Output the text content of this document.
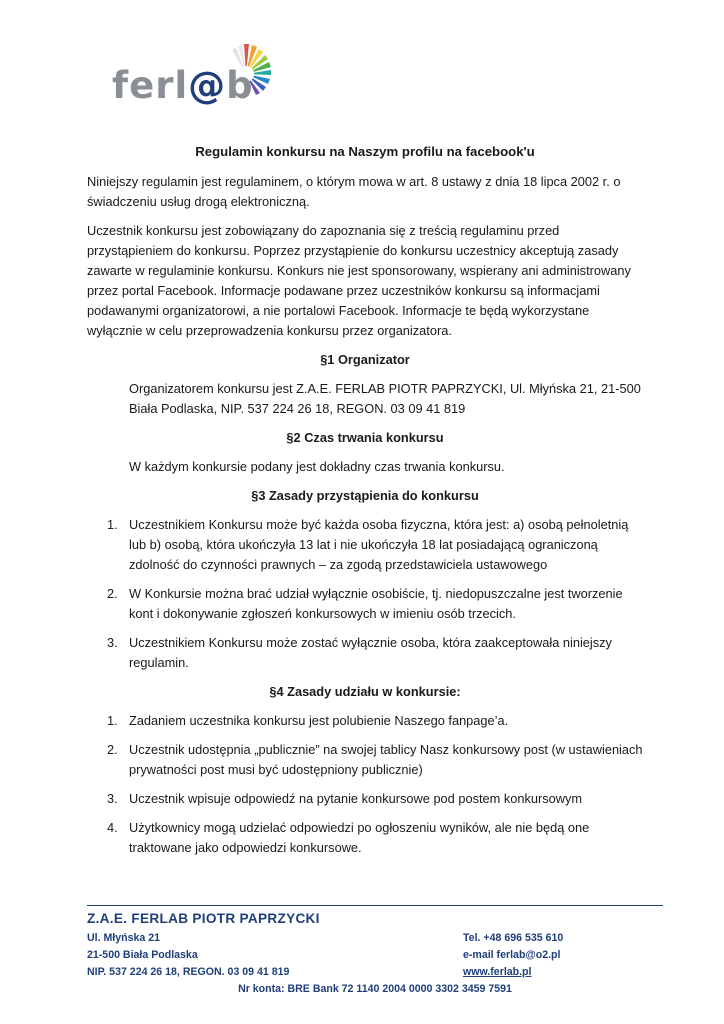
ferl@b
Regulamin konkursu na Naszym profilu na facebook'u

Niniejszy regulamin jest regulaminem, o którym mowa w art. 8 ustawy z dnia 18 lipca 2002 r. o świadczeniu usług drogą elektroniczną.

Uczestnik konkursu jest zobowiązany do zapoznania się z treścią regulaminu przed przystąpieniem do konkursu. Poprzez przystąpienie do konkursu uczestnicy akceptują zasady zawarte w regulaminie konkursu. Konkurs nie jest sponsorowany, wspierany ani administrowany przez portal Facebook. Informacje podawane przez uczestników konkursu są informacjami podawanymi organizatorowi, a nie portalowi Facebook. Informacje te będą wykorzystane wyłącznie w celu przeprowadzenia konkursu przez organizatora.

§1 Organizator

Organizatorem konkursu jest Z.A.E. FERLAB PIOTR PAPRZYCKI, Ul. Młyńska 21, 21-500 Biała Podlaska, NIP. 537 224 26 18, REGON. 03 09 41 819

§2 Czas trwania konkursu

W każdym konkursie podany jest dokładny czas trwania konkursu.

§3 Zasady przystąpienia do konkursu
1. Uczestnikiem Konkursu może być każda osoba fizyczna, która jest: a) osobą pełnoletnią lub b) osobą, która ukończyła 13 lat i nie ukończyła 18 lat posiadającą ograniczoną zdolność do czynności prawnych – za zgodą przedstawiciela ustawowego
2. W Konkursie można brać udział wyłącznie osobiście, tj. niedopuszczalne jest tworzenie kont i dokonywanie zgłoszeń konkursowych w imieniu osób trzecich.
3. Uczestnikiem Konkursu może zostać wyłącznie osoba, która zaakceptowała niniejszy regulamin.
§4 Zasady udziału w konkursie:
1. Zadaniem uczestnika konkursu jest polubienie Naszego fanpage’a.
2. Uczestnik udostępnia „publicznie” na swojej tablicy Nasz konkursowy post (w ustawieniach prywatności post musi być udostępniony publicznie)
3. Uczestnik wpisuje odpowiedź na pytanie konkursowe pod postem konkursowym
4. Użytkownicy mogą udzielać odpowiedzi po ogłoszeniu wyników, ale nie będą one traktowane jako odpowiedzi konkursowe.
Z.A.E. FERLAB PIOTR PAPRZYCKI
Ul. Młyńska 21	Tel. +48 696 535 610
21-500 Biała Podlaska	e-mail ferlab@o2.pl
NIP. 537 224 26 18, REGON. 03 09 41 819	www.ferlab.pl
Nr konta: BRE Bank 72 1140 2004 0000 3302 3459 7591
